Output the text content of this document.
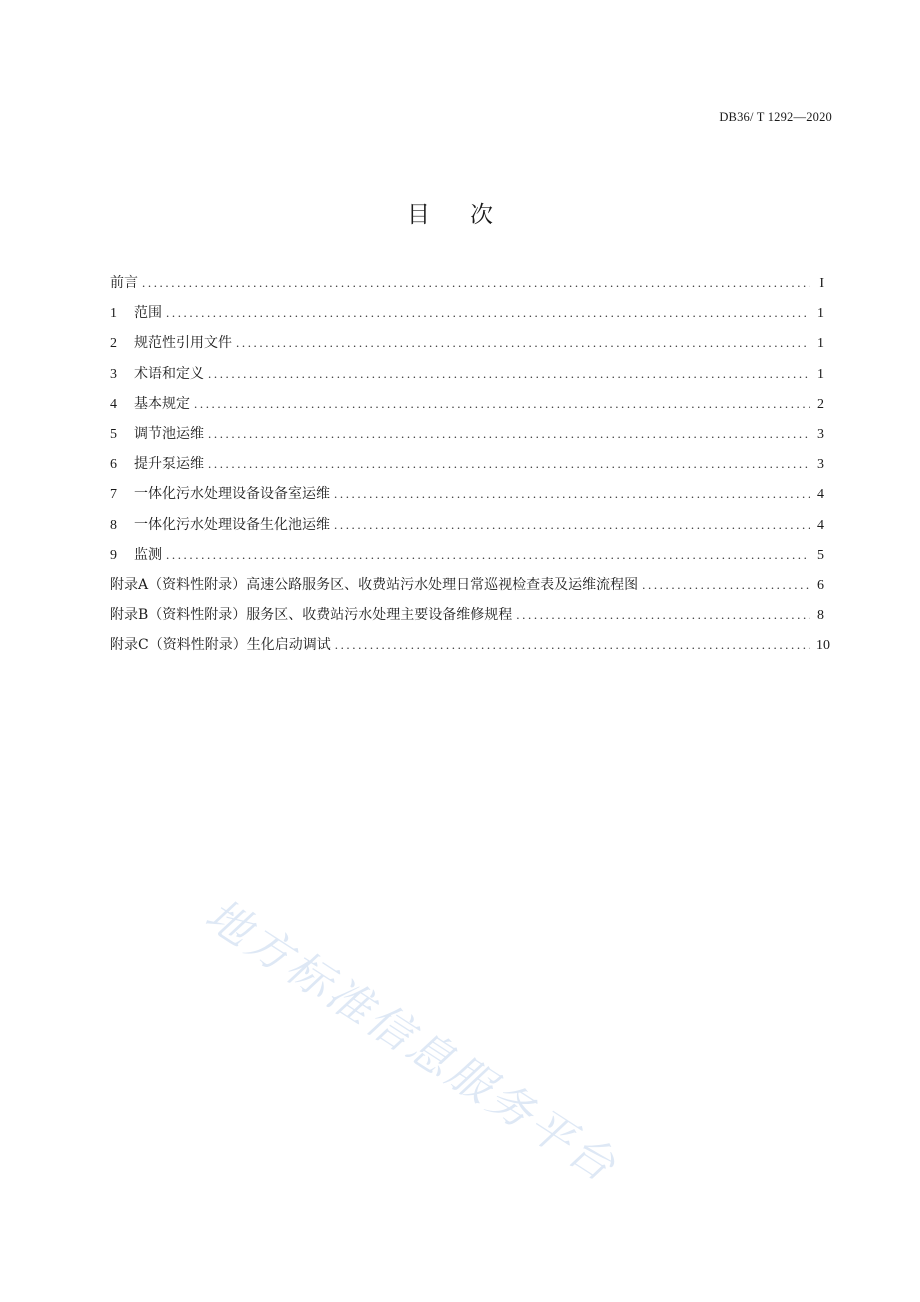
DB36/ T 1292—2020
目次
前言 .....	I
1	范围 .....	1
2	规范性引用文件 .....	1
3	术语和定义 .....	1
4	基本规定 .....	2
5	调节池运维 .....	3
6	提升泵运维 .....	3
7	一体化污水处理设备设备室运维 .....	4
8	一体化污水处理设备生化池运维 .....	4
9	监测 .....	5
附录A （资料性附录） 高速公路服务区、收费站污水处理日常巡视检查表及运维流程图 .....	6
附录B （资料性附录） 服务区、收费站污水处理主要设备维修规程 .....	8
附录C （资料性附录） 生化启动调试 .....	10
地方标准信息服务平台
